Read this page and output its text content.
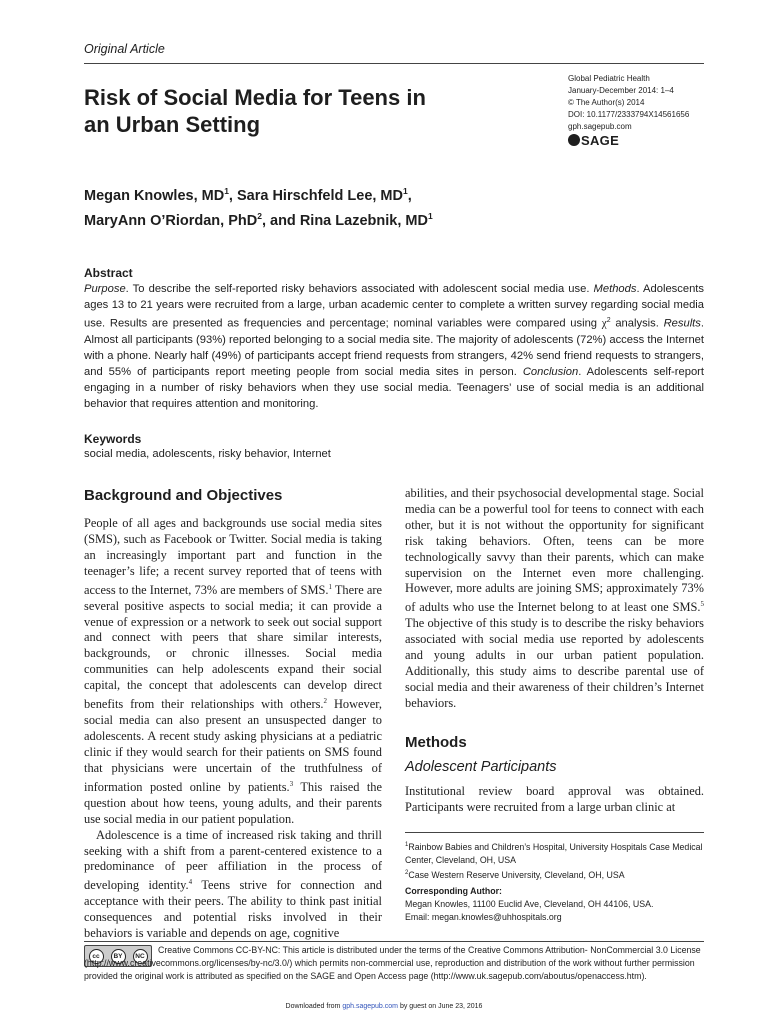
Original Article
Risk of Social Media for Teens in
an Urban Setting
Global Pediatric Health
January-December 2014: 1–4
© The Author(s) 2014
DOI: 10.1177/2333794X14561656
gph.sagepub.com
SAGE
Megan Knowles, $MD^1$, Sara Hirschfeld Lee, $MD^1$,
MaryAnn O’Riordan, PhD$^2$, and Rina Lazebnik, $MD^1$
Abstract
Purpose. To describe the self-reported risky behaviors associated with adolescent social media use. Methods. Adolescents ages 13 to 21 years were recruited from a large, urban academic center to complete a written survey regarding social media use. Results are presented as frequencies and percentage; nominal variables were compared using $\chi^2$ analysis. Results. Almost all participants (93%) reported belonging to a social media site. The majority of adolescents (72%) access the Internet with a phone. Nearly half (49%) of participants accept friend requests from strangers, 42% send friend requests to strangers, and 55% of participants report meeting people from social media sites in person. Conclusion. Adolescents self-report engaging in a number of risky behaviors when they use social media. Teenagers’ use of social media is an additional behavior that requires attention and monitoring.
Keywords
social media, adolescents, risky behavior, Internet
Background and Objectives

People of all ages and backgrounds use social media sites (SMS), such as Facebook or Twitter. Social media is taking an increasingly important part and function in the teenager’s life; a recent survey reported that of teens with access to the Internet, 73% are members of SMS.$^1$ There are several positive aspects to social media; it can provide a venue of expression or a network to seek out social support and connect with peers that share similar interests, backgrounds, or chronic illnesses. Social media communities can help adolescents expand their social capital, the concept that adolescents can develop direct benefits from their relationships with others.$^2$ However, social media can also present an unsuspected danger to adolescents. A recent study asking physicians at a pediatric clinic if they would search for their patients on SMS found that physicians were uncertain of the truthfulness of information posted online by patients.$^3$ This raised the question about how teens, young adults, and their parents use social media in our patient population.

Adolescence is a time of increased risk taking and thrill seeking with a shift from a parent-centered existence to a predominance of peer affiliation in the process of developing identity.$^4$ Teens strive for connection and acceptance with their peers. The ability to think past initial consequences and potential risks involved in their behaviors is variable and depends on age, cognitive

abilities, and their psychosocial developmental stage. Social media can be a powerful tool for teens to connect with each other, but it is not without the opportunity for significant risk taking behaviors. Often, teens can be more technologically savvy than their parents, which can make supervision on the Internet even more challenging. However, more adults are joining SMS; approximately 73% of adults who use the Internet belong to at least one SMS.$^5$ The objective of this study is to describe the risky behaviors associated with social media use reported by adolescents and young adults in our urban patient population. Additionally, this study aims to describe parental use of social media and their awareness of their children’s Internet behaviors.

Methods
Adolescent Participants
Institutional review board approval was obtained. Participants were recruited from a large urban clinic at
$^1$Rainbow Babies and Children’s Hospital, University Hospitals Case Medical Center, Cleveland, OH, USA
$^2$Case Western Reserve University, Cleveland, OH, USA
Corresponding Author:
Megan Knowles, 11100 Euclid Ave, Cleveland, OH 44106, USA.
Email: megan.knowles@uhhospitals.org
cc	BY	NC
Creative Commons CC-BY-NC: This article is distributed under the terms of the Creative Commons Attribution- NonCommercial 3.0 License (http://www.creativecommons.org/licenses/by-nc/3.0/) which permits non-commercial use, reproduction and distribution of the work without further permission provided the original work is attributed as specified on the SAGE and Open Access page (http://www.uk.sagepub.com/aboutus/openaccess.htm).
Downloaded from gph.sagepub.com by guest on June 23, 2016
